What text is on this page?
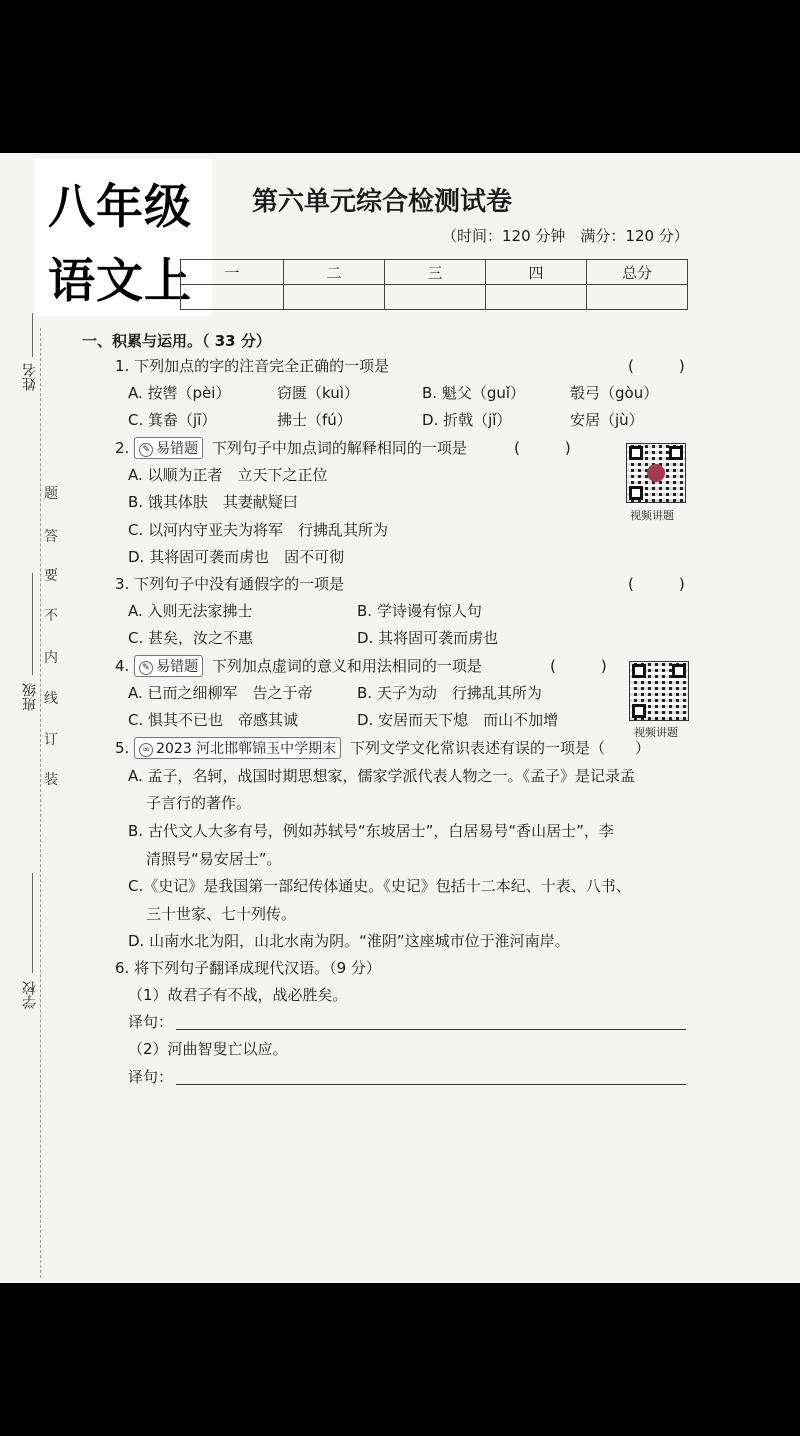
八年级
语文上
第六单元综合检测试卷
（时间：120 分钟　满分：120 分）
一	二	三	四	总分

姓名
班级
学校
题
答
要
不
内
线
订
装
一、积累与运用。（ 33 分）
1. 下列加点的字的注音完全正确的一项是	(　　　)
A. 按辔（pèi）	窃匮（kuì）	B. 魁父（guǐ）	彀弓（gòu）
C. 箕畚（jī）	拂士（fú）	D. 折戟（jǐ）	安居（jù）
2. ✎ 易错题 下列句子中加点词的解释相同的一项是	(　　　)
A. 以顺为正者　立天下之正位
B. 饿其体肤　其妻献疑曰
C. 以河内守亚夫为将军　行拂乱其所为
D. 其将固可袭而虏也　固不可彻
视频讲题
3. 下列句子中没有通假字的一项是	(　　　)
A. 入则无法家拂士	B. 学诗谩有惊人句
C. 甚矣，汝之不惠	D. 其将固可袭而虏也
4. ✎ 易错题 下列加点虚词的意义和用法相同的一项是	(　　　)
A. 已而之细柳军　告之于帝	B. 天子为动　行拂乱其所为
C. 惧其不已也　帝感其诚	D. 安居而天下熄　而山不加增
视频讲题
5. ∞ 2023 河北邯郸锦玉中学期末 下列文学文化常识表述有误的一项是（　　）
A. 孟子，名轲，战国时期思想家，儒家学派代表人物之一。《孟子》是记录孟
子言行的著作。
B. 古代文人大多有号，例如苏轼号“东坡居士”，白居易号“香山居士”，李
清照号“易安居士”。
C.《史记》是我国第一部纪传体通史。《史记》包括十二本纪、十表、八书、
三十世家、七十列传。
D. 山南水北为阳，山北水南为阴。“淮阴”这座城市位于淮河南岸。
6. 将下列句子翻译成现代汉语。（9 分）
（1）故君子有不战，战必胜矣。
译句：
（2）河曲智叟亡以应。
译句：
